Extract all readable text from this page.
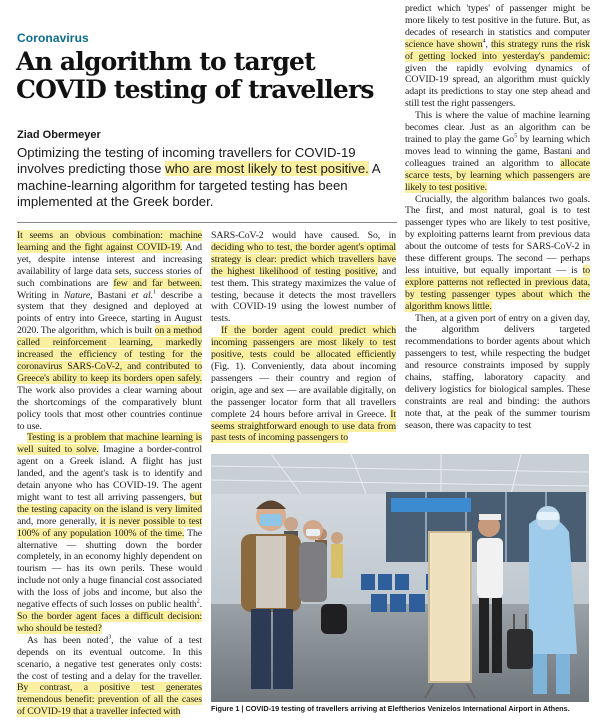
Coronavirus
An algorithm to target COVID testing of travellers
Ziad Obermeyer
Optimizing the testing of incoming travellers for COVID-19 involves predicting those who are most likely to test positive. A machine-learning algorithm for targeted testing has been implemented at the Greek border.

It seems an obvious combination: machine learning and the fight against COVID-19. And yet, despite intense interest and increasing availability of large data sets, success stories of such combinations are few and far between. Writing in Nature, Bastani et al.$^1$ describe a system that they designed and deployed at points of entry into Greece, starting in August 2020. The algorithm, which is built on a method called reinforcement learning, markedly increased the efficiency of testing for the coronavirus SARS-CoV-2, and contributed to Greece's ability to keep its borders open safely. The work also provides a clear warning about the shortcomings of the comparatively blunt policy tools that most other countries continue to use.

Testing is a problem that machine learning is well suited to solve. Imagine a border-control agent on a Greek island. A flight has just landed, and the agent's task is to identify and detain anyone who has COVID-19. The agent might want to test all arriving passengers, but the testing capacity on the island is very limited and, more generally, it is never possible to test 100% of any population 100% of the time. The alternative — shutting down the border completely, in an economy highly dependent on tourism — has its own perils. These would include not only a huge financial cost associated with the loss of jobs and income, but also the negative effects of such losses on public health$^2$. So the border agent faces a difficult decision: who should be tested?

As has been noted$^3$, the value of a test depends on its eventual outcome. In this scenario, a negative test generates only costs: the cost of testing and a delay for the traveller. By contrast, a positive test generates tremendous benefit: prevention of all the cases of COVID-19 that a traveller infected with

SARS-CoV-2 would have caused. So, in deciding who to test, the border agent's optimal strategy is clear: predict which travellers have the highest likelihood of testing positive, and test them. This strategy maximizes the value of testing, because it detects the most travellers with COVID-19 using the lowest number of tests.

If the border agent could predict which incoming passengers are most likely to test positive, tests could be allocated efficiently (Fig. 1). Conveniently, data about incoming passengers — their country and region of origin, age and sex — are available digitally, on the passenger locator form that all travellers complete 24 hours before arrival in Greece. It seems straightforward enough to use data from past tests of incoming passengers to

predict which 'types' of passenger might be more likely to test positive in the future. But, as decades of research in statistics and computer science have shown$^4$, this strategy runs the risk of getting locked into yesterday's pandemic: given the rapidly evolving dynamics of COVID-19 spread, an algorithm must quickly adapt its predictions to stay one step ahead and still test the right passengers.

This is where the value of machine learning becomes clear. Just as an algorithm can be trained to play the game Go$^5$ by learning which moves lead to winning the game, Bastani and colleagues trained an algorithm to allocate scarce tests, by learning which passengers are likely to test positive.

Crucially, the algorithm balances two goals. The first, and most natural, goal is to test passenger types who are likely to test positive, by exploiting patterns learnt from previous data about the outcome of tests for SARS-CoV-2 in these different groups. The second — perhaps less intuitive, but equally important — is to explore patterns not reflected in previous data, by testing passenger types about which the algorithm knows little.

Then, at a given port of entry on a given day, the algorithm delivers targeted recommendations to border agents about which passengers to test, while respecting the budget and resource constraints imposed by supply chains, staffing, laboratory capacity and delivery logistics for biological samples. These constraints are real and binding: the authors note that, at the peak of the summer tourism season, there was capacity to test

Figure 1 | COVID-19 testing of travellers arriving at Eleftherios Venizelos International Airport in Athens.
